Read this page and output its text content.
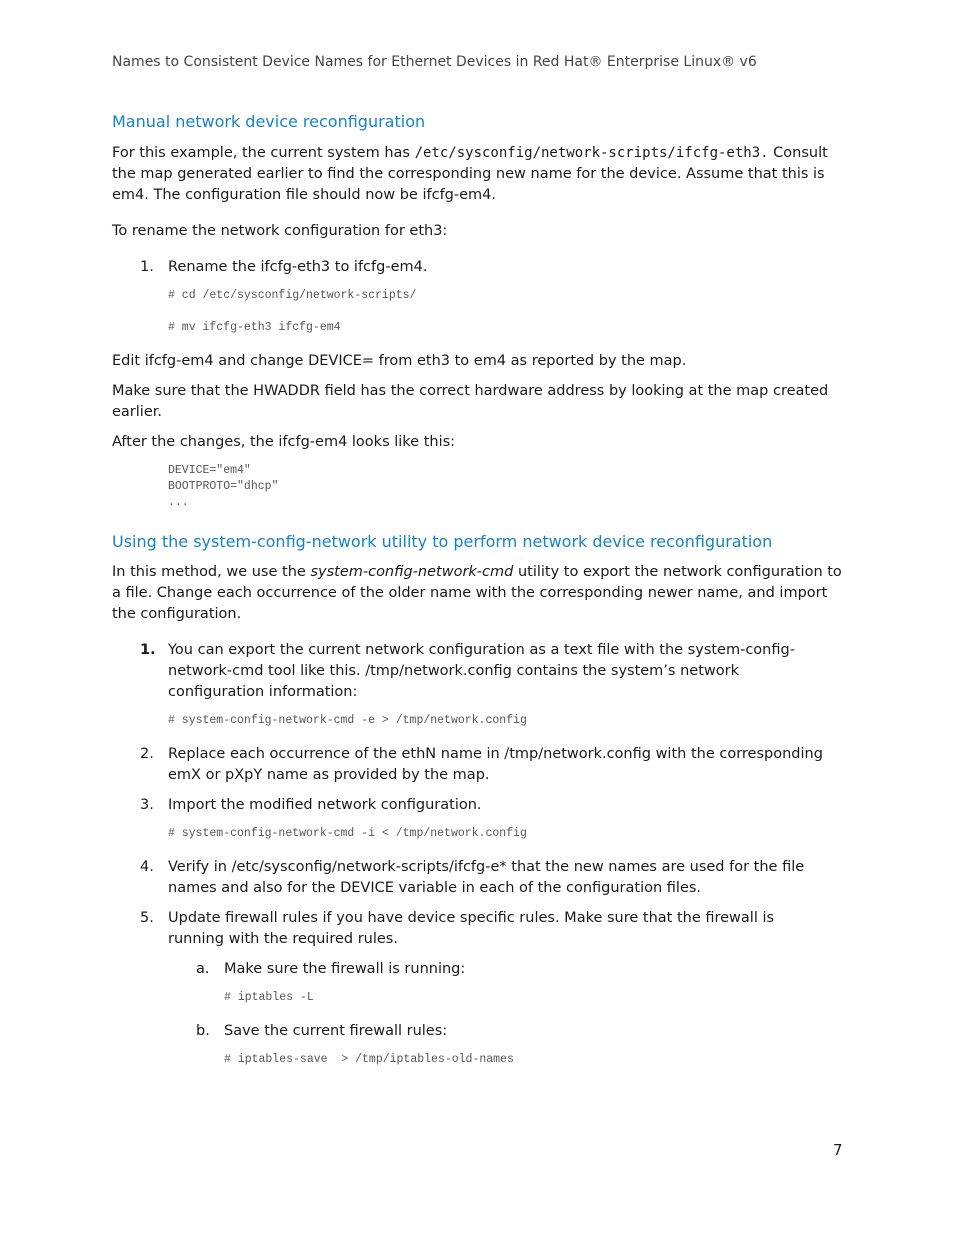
Names to Consistent Device Names for Ethernet Devices in Red Hat® Enterprise Linux® v6
Manual network device reconfiguration

For this example, the current system has /etc/sysconfig/network-scripts/ifcfg-eth3. Consult the map generated earlier to find the corresponding new name for the device. Assume that this is em4. The configuration file should now be ifcfg-em4.

To rename the network configuration for eth3:

1. Rename the ifcfg-eth3 to ifcfg-em4.
# cd /etc/sysconfig/network-scripts/
# mv ifcfg-eth3 ifcfg-em4

Edit ifcfg-em4 and change DEVICE= from eth3 to em4 as reported by the map.

Make sure that the HWADDR field has the correct hardware address by looking at the map created earlier.

After the changes, the ifcfg-em4 looks like this:

DEVICE="em4"
BOOTPROTO="dhcp"
...
Using the system-config-network utility to perform network device reconfiguration

In this method, we use the system-config-network-cmd utility to export the network configuration to a file. Change each occurrence of the older name with the corresponding newer name, and import the configuration.

1. You can export the current network configuration as a text file with the system-config-network-cmd tool like this. /tmp/network.config contains the system’s network configuration information:
# system-config-network-cmd -e > /tmp/network.config
2. Replace each occurrence of the ethN name in /tmp/network.config with the corresponding emX or pXpY name as provided by the map.
3. Import the modified network configuration.
# system-config-network-cmd -i < /tmp/network.config
4. Verify in /etc/sysconfig/network-scripts/ifcfg-e* that the new names are used for the file names and also for the DEVICE variable in each of the configuration files.
5. Update firewall rules if you have device specific rules. Make sure that the firewall is running with the required rules.
a. Make sure the firewall is running:
# iptables -L
b. Save the current firewall rules:
# iptables-save  > /tmp/iptables-old-names
7
